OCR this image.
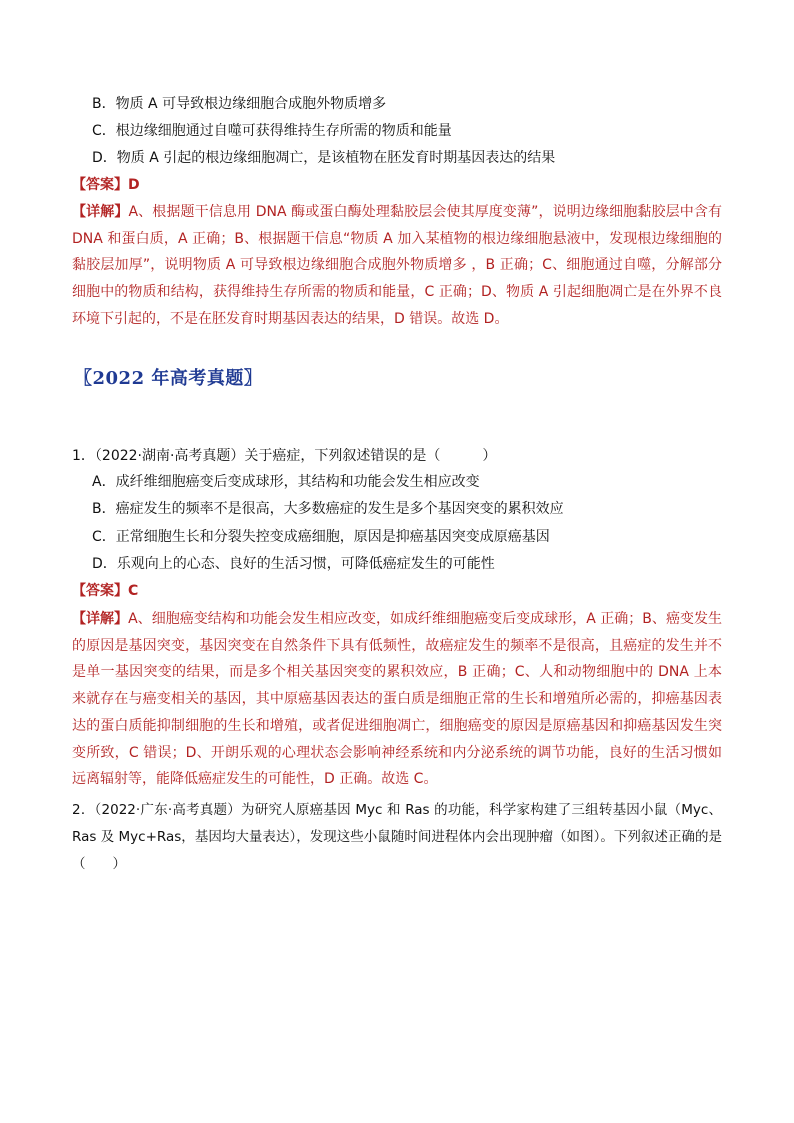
B．物质 A 可导致根边缘细胞合成胞外物质增多
C．根边缘细胞通过自噬可获得维持生存所需的物质和能量
D．物质 A 引起的根边缘细胞凋亡，是该植物在胚发育时期基因表达的结果
【答案】D
【详解】A、根据题干信息用 DNA 酶或蛋白酶处理黏胶层会使其厚度变薄”，说明边缘细胞黏胶层中含有 DNA 和蛋白质，A 正确；B、根据题干信息“物质 A 加入某植物的根边缘细胞悬液中，发现根边缘细胞的黏胶层加厚”，说明物质 A 可导致根边缘细胞合成胞外物质增多 ，B 正确；C、细胞通过自噬，分解部分细胞中的物质和结构，获得维持生存所需的物质和能量，C 正确；D、物质 A 引起细胞凋亡是在外界不良环境下引起的，不是在胚发育时期基因表达的结果，D 错误。故选 D。
〖2022 年高考真题〗
1．（2022·湖南·高考真题）关于癌症，下列叙述错误的是（　　　）
A．成纤维细胞癌变后变成球形，其结构和功能会发生相应改变
B．癌症发生的频率不是很高，大多数癌症的发生是多个基因突变的累积效应
C．正常细胞生长和分裂失控变成癌细胞，原因是抑癌基因突变成原癌基因
D．乐观向上的心态、良好的生活习惯，可降低癌症发生的可能性
【答案】C
【详解】A、细胞癌变结构和功能会发生相应改变，如成纤维细胞癌变后变成球形，A 正确；B、癌变发生的原因是基因突变，基因突变在自然条件下具有低频性，故癌症发生的频率不是很高，且癌症的发生并不是单一基因突变的结果，而是多个相关基因突变的累积效应，B 正确；C、人和动物细胞中的 DNA 上本来就存在与癌变相关的基因，其中原癌基因表达的蛋白质是细胞正常的生长和增殖所必需的，抑癌基因表达的蛋白质能抑制细胞的生长和增殖，或者促进细胞凋亡，细胞癌变的原因是原癌基因和抑癌基因发生突变所致，C 错误；D、开朗乐观的心理状态会影响神经系统和内分泌系统的调节功能，良好的生活习惯如远离辐射等，能降低癌症发生的可能性，D 正确。故选 C。
2．（2022·广东·高考真题）为研究人原癌基因 Myc 和 Ras 的功能，科学家构建了三组转基因小鼠（Myc、Ras 及 Myc+Ras，基因均大量表达），发现这些小鼠随时间进程体内会出现肿瘤（如图）。下列叙述正确的是（　　）
